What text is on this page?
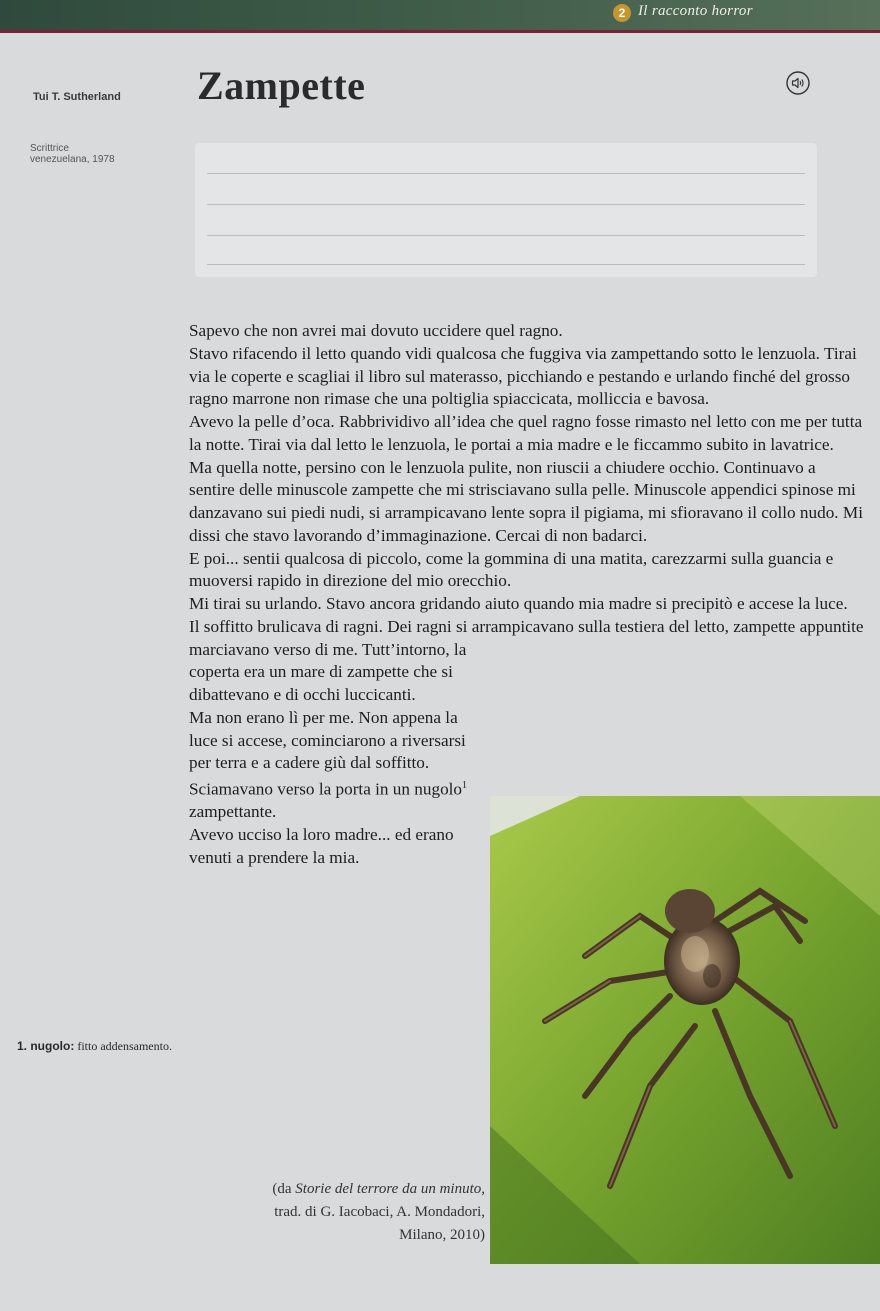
2 Il racconto horror
Tui T. Sutherland Zampette
Scrittrice
venezuelana, 1978

Sapevo che non avrei mai dovuto uccidere quel ragno.

Stavo rifacendo il letto quando vidi qualcosa che fuggiva via zampettando sotto le lenzuola. Tirai via le coperte e scagliai il libro sul materasso, picchiando e pestando e urlando finché del grosso ragno marrone non rimase che una poltiglia spiaccicata, molliccia e bavosa.

Avevo la pelle d’oca. Rabbrividivo all’idea che quel ragno fosse rimasto nel letto con me per tutta la notte. Tirai via dal letto le lenzuola, le portai a mia madre e le ficcammo subito in lavatrice.

Ma quella notte, persino con le lenzuola pulite, non riuscii a chiudere occhio. Continuavo a sentire delle minuscole zampette che mi strisciavano sulla pelle. Minuscole appendici spinose mi danzavano sui piedi nudi, si arrampicavano lente sopra il pigiama, mi sfioravano il collo nudo. Mi dissi che stavo lavorando d’immaginazione. Cercai di non badarci.

E poi... sentii qualcosa di piccolo, come la gommina di una matita, carezzarmi sulla guancia e muoversi rapido in direzione del mio orecchio.

Mi tirai su urlando. Stavo ancora gridando aiuto quando mia madre si precipitò e accese la luce.

Il soffitto brulicava di ragni. Dei ragni si arrampicavano sulla testiera del letto, zampette appuntite marciavano verso di me. Tutt’intorno, la

coperta era un mare di zampette che si dibattevano e di occhi luccicanti.

Ma non erano lì per me. Non appena la luce si accese, cominciarono a riversarsi per terra e a cadere giù dal soffitto. Sciamavano verso la porta in un nugolo$^1$ zampettante.

Avevo ucciso la loro madre... ed erano venuti a prendere la mia.

1. nugolo: fitto addensamento.
(da Storie del terrore da un minuto,
trad. di G. Iacobaci, A. Mondadori,
Milano, 2010)
